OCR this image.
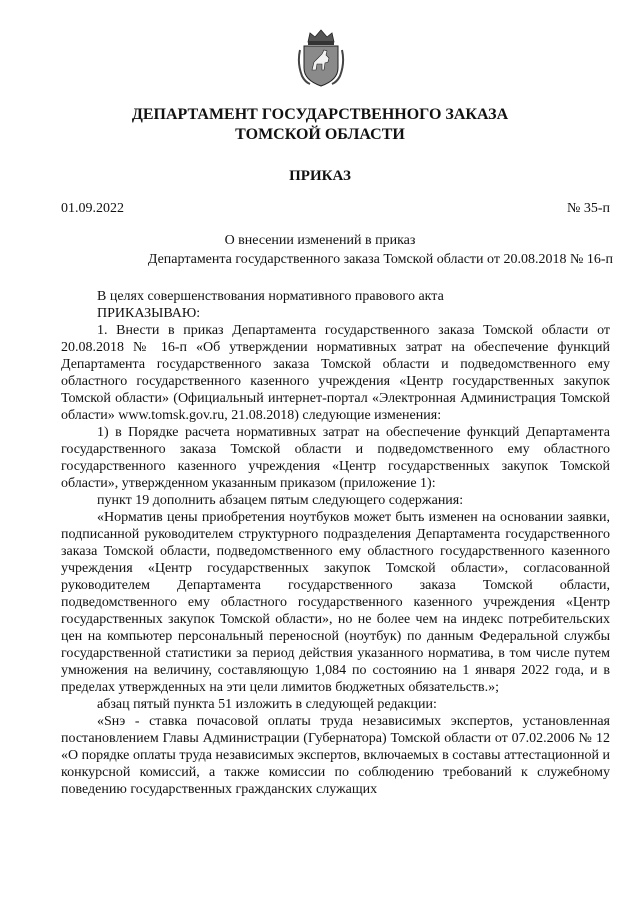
ДЕПАРТАМЕНТ ГОСУДАРСТВЕННОГО ЗАКАЗА
ТОМСКОЙ ОБЛАСТИ
ПРИКАЗ
01.09.2022	№ 35-п
О внесении изменений в приказ
Департамента государственного заказа Томской области от 20.08.2018 № 16-п

В целях совершенствования нормативного правового акта

ПРИКАЗЫВАЮ:

1. Внести в приказ Департамента государственного заказа Томской области от 20.08.2018 № 16-п «Об утверждении нормативных затрат на обеспечение функций Департамента государственного заказа Томской области и подведомственного ему областного государственного казенного учреждения «Центр государственных закупок Томской области» (Официальный интернет-портал «Электронная Администрация Томской области» www.tomsk.gov.ru, 21.08.2018) следующие изменения:

1) в Порядке расчета нормативных затрат на обеспечение функций Департамента государственного заказа Томской области и подведомственного ему областного государственного казенного учреждения «Центр государственных закупок Томской области», утвержденном указанным приказом (приложение 1):

пункт 19 дополнить абзацем пятым следующего содержания:

«Норматив цены приобретения ноутбуков может быть изменен на основании заявки, подписанной руководителем структурного подразделения Департамента государственного заказа Томской области, подведомственного ему областного государственного казенного учреждения «Центр государственных закупок Томской области», согласованной руководителем Департамента государственного заказа Томской области, подведомственного ему областного государственного казенного учреждения «Центр государственных закупок Томской области», но не более чем на индекс потребительских цен на компьютер персональный переносной (ноутбук) по данным Федеральной службы государственной статистики за период действия указанного норматива, в том числе путем умножения на величину, составляющую 1,084 по состоянию на 1 января 2022 года, и в пределах утвержденных на эти цели лимитов бюджетных обязательств.»;

абзац пятый пункта 51 изложить в следующей редакции:

«Sнэ - ставка почасовой оплаты труда независимых экспертов, установленная постановлением Главы Администрации (Губернатора) Томской области от 07.02.2006 № 12 «О порядке оплаты труда независимых экспертов, включаемых в составы аттестационной и конкурсной комиссий, а также комиссии по соблюдению требований к служебному поведению государственных гражданских служащих
